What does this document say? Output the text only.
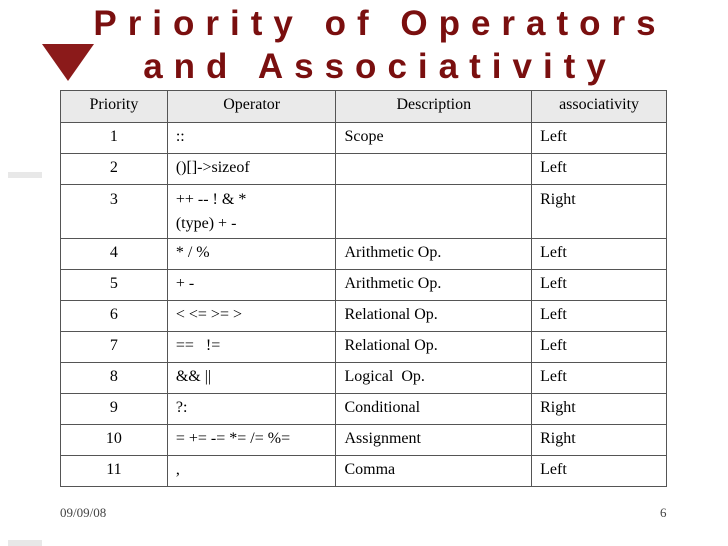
Priority of Operators and Associativity
Priority	Operator	Description	associativity
1	::	Scope	Left
2	()[]->sizeof		Left
3	++ -- ! & *
(type) + -		Right
4	* / %	Arithmetic Op.	Left
5	+ -	Arithmetic Op.	Left
6	< <= >= >	Relational Op.	Left
7	==   !=	Relational Op.	Left
8	&& ||	Logical  Op.	Left
9	?:	Conditional	Right
10	= += -= *= /= %=	Assignment	Right
11	,	Comma	Left
09/09/08	6
